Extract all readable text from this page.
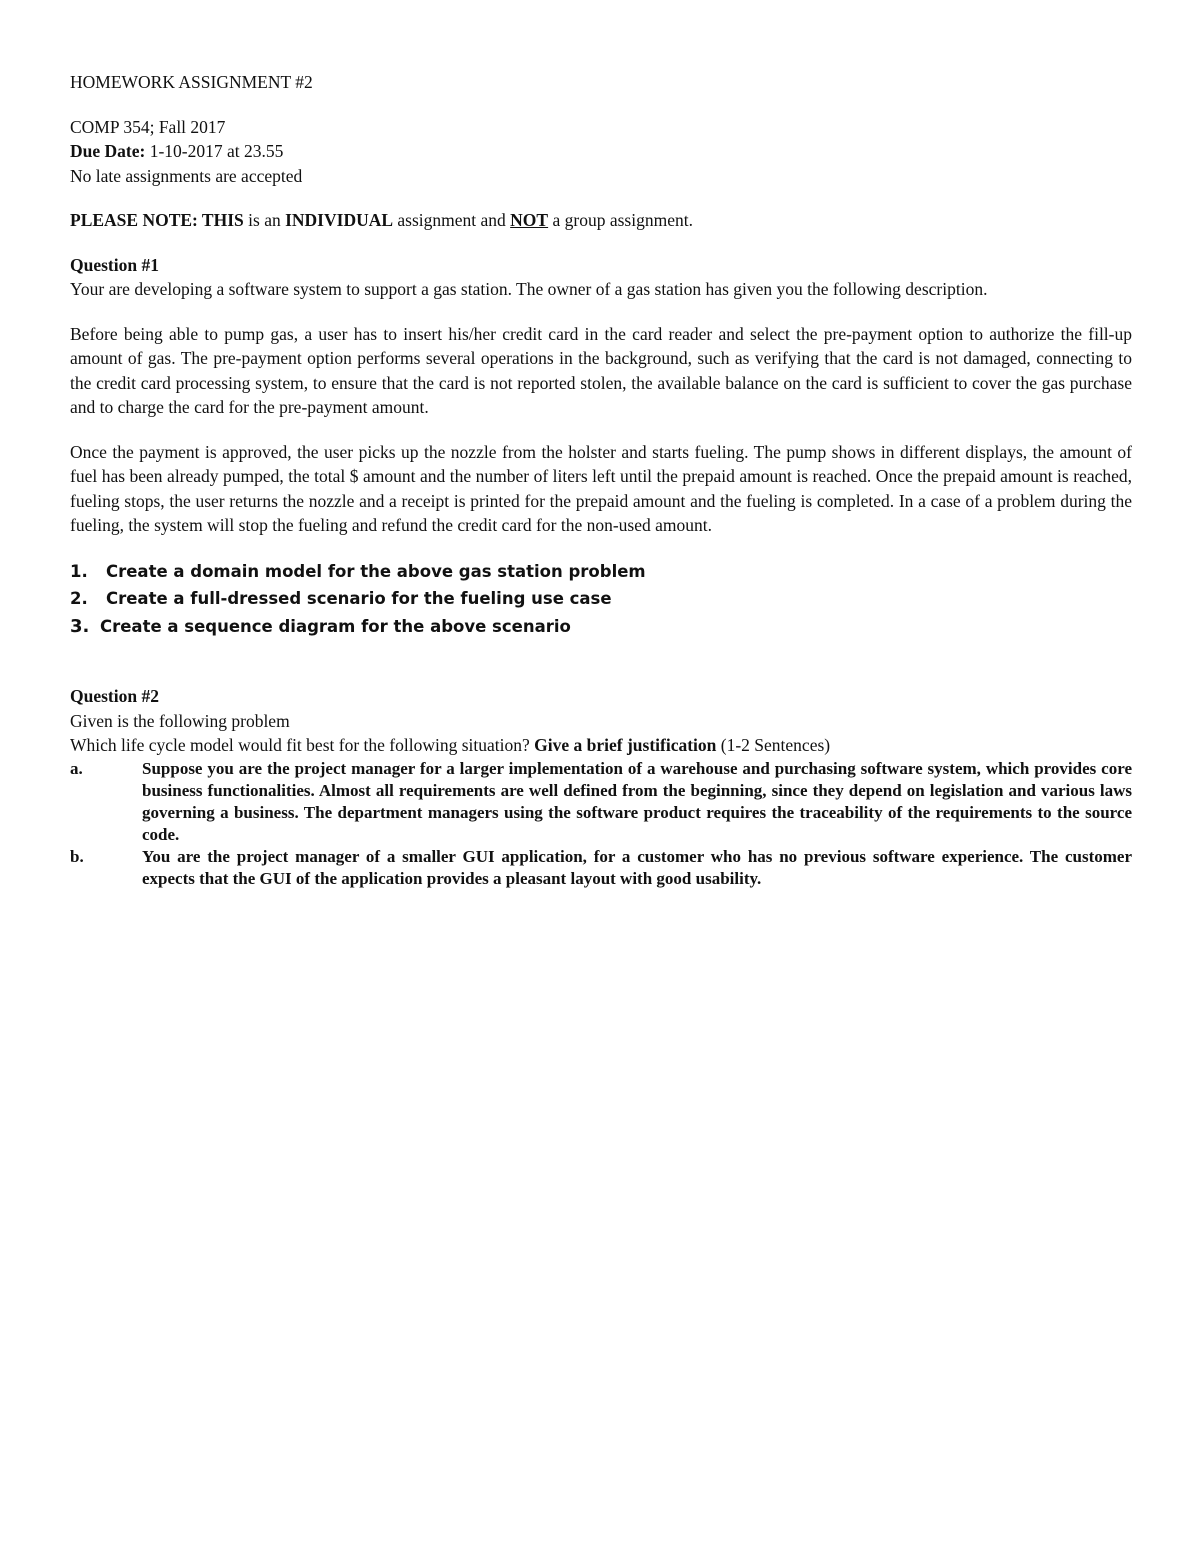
HOMEWORK ASSIGNMENT #2
COMP 354; Fall 2017
Due Date: 1-10-2017 at 23.55
No late assignments are accepted
PLEASE NOTE: THIS is an INDIVIDUAL assignment and NOT a group assignment.
Question #1

Your are developing a software system to support a gas station. The owner of a gas station has given you the following description.

Before being able to pump gas, a user has to insert his/her credit card in the card reader and select the pre-payment option to authorize the fill-up amount of gas. The pre-payment option performs several operations in the background, such as verifying that the card is not damaged, connecting to the credit card processing system, to ensure that the card is not reported stolen, the available balance on the card is sufficient to cover the gas purchase and to charge the card for the pre-payment amount.

Once the payment is approved, the user picks up the nozzle from the holster and starts fueling. The pump shows in different displays, the amount of fuel has been already pumped, the total $ amount and the number of liters left until the prepaid amount is reached. Once the prepaid amount is reached, fueling stops, the user returns the nozzle and a receipt is printed for the prepaid amount and the fueling is completed. In a case of a problem during the fueling, the system will stop the fueling and refund the credit card for the non-used amount.

1.	Create a domain model for the above gas station problem
2.	Create a full-dressed scenario for the fueling use case
3. Create a sequence diagram for the above scenario
Question #2
Given is the following problem
Which life cycle model would fit best for the following situation? Give a brief justification (1-2 Sentences)
a.	Suppose you are the project manager for a larger implementation of a warehouse and purchasing software system, which provides core business functionalities. Almost all requirements are well defined from the beginning, since they depend on legislation and various laws governing a business. The department managers using the software product requires the traceability of the requirements to the source code.
b.	You are the project manager of a smaller GUI application, for a customer who has no previous software experience. The customer expects that the GUI of the application provides a pleasant layout with good usability.
